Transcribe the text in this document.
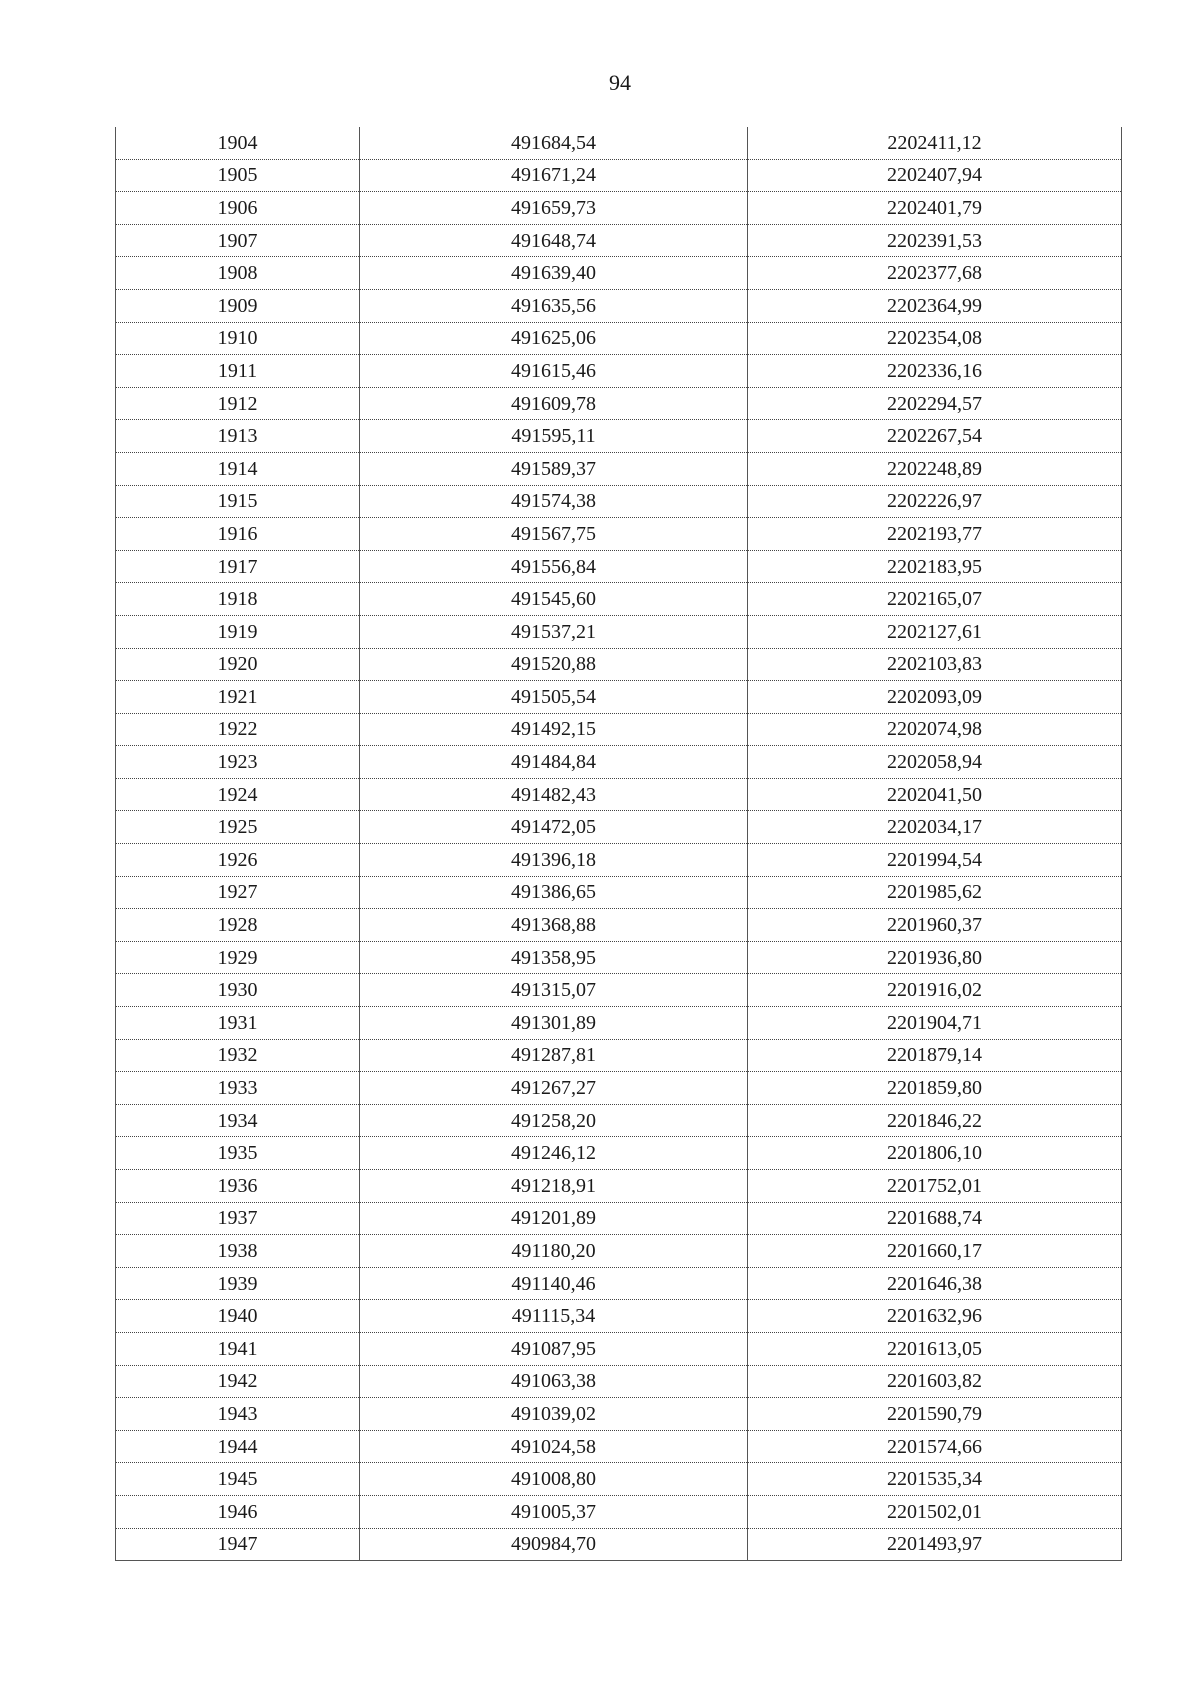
94
1904	491684,54	2202411,12
1905	491671,24	2202407,94
1906	491659,73	2202401,79
1907	491648,74	2202391,53
1908	491639,40	2202377,68
1909	491635,56	2202364,99
1910	491625,06	2202354,08
1911	491615,46	2202336,16
1912	491609,78	2202294,57
1913	491595,11	2202267,54
1914	491589,37	2202248,89
1915	491574,38	2202226,97
1916	491567,75	2202193,77
1917	491556,84	2202183,95
1918	491545,60	2202165,07
1919	491537,21	2202127,61
1920	491520,88	2202103,83
1921	491505,54	2202093,09
1922	491492,15	2202074,98
1923	491484,84	2202058,94
1924	491482,43	2202041,50
1925	491472,05	2202034,17
1926	491396,18	2201994,54
1927	491386,65	2201985,62
1928	491368,88	2201960,37
1929	491358,95	2201936,80
1930	491315,07	2201916,02
1931	491301,89	2201904,71
1932	491287,81	2201879,14
1933	491267,27	2201859,80
1934	491258,20	2201846,22
1935	491246,12	2201806,10
1936	491218,91	2201752,01
1937	491201,89	2201688,74
1938	491180,20	2201660,17
1939	491140,46	2201646,38
1940	491115,34	2201632,96
1941	491087,95	2201613,05
1942	491063,38	2201603,82
1943	491039,02	2201590,79
1944	491024,58	2201574,66
1945	491008,80	2201535,34
1946	491005,37	2201502,01
1947	490984,70	2201493,97
